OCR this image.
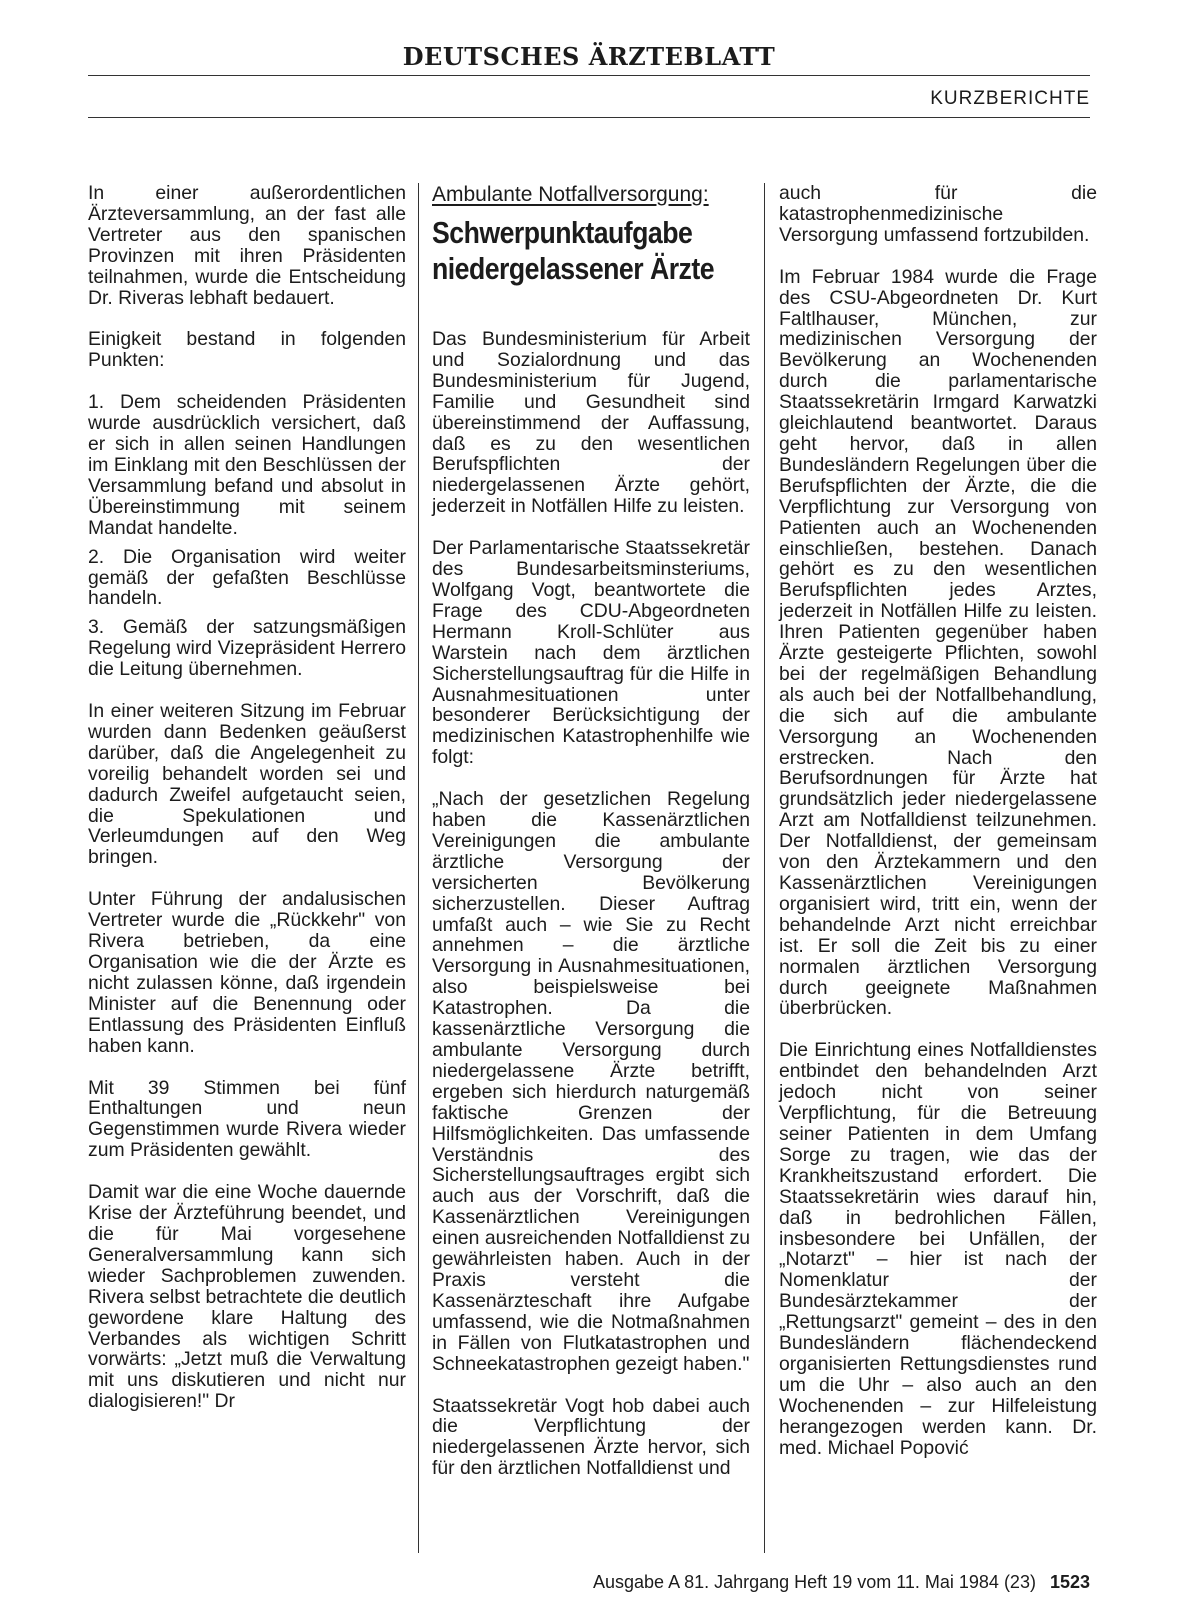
DEUTSCHES ÄRZTEBLATT
KURZBERICHTE

In einer außerordentlichen Ärzteversammlung, an der fast alle Vertreter aus den spanischen Provinzen mit ihren Präsidenten teilnahmen, wurde die Entscheidung Dr. Riveras lebhaft bedauert.

Einigkeit bestand in folgenden Punkten:

1. Dem scheidenden Präsidenten wurde ausdrücklich versichert, daß er sich in allen seinen Handlungen im Einklang mit den Beschlüssen der Versammlung befand und absolut in Übereinstimmung mit seinem Mandat handelte.

2. Die Organisation wird weiter gemäß der gefaßten Beschlüsse handeln.

3. Gemäß der satzungsmäßigen Regelung wird Vizepräsident Herrero die Leitung übernehmen.

In einer weiteren Sitzung im Februar wurden dann Bedenken geäußerst darüber, daß die Angelegenheit zu voreilig behandelt worden sei und dadurch Zweifel aufgetaucht seien, die Spekulationen und Verleumdungen auf den Weg bringen.

Unter Führung der andalusischen Vertreter wurde die „Rückkehr" von Rivera betrieben, da eine Organisation wie die der Ärzte es nicht zulassen könne, daß irgendein Minister auf die Benennung oder Entlassung des Präsidenten Einfluß haben kann.

Mit 39 Stimmen bei fünf Enthaltungen und neun Gegenstimmen wurde Rivera wieder zum Präsidenten gewählt.

Damit war die eine Woche dauernde Krise der Ärzteführung beendet, und die für Mai vorgesehene Generalversammlung kann sich wieder Sachproblemen zuwenden. Rivera selbst betrachtete die deutlich gewordene klare Haltung des Verbandes als wichtigen Schritt vorwärts: „Jetzt muß die Verwaltung mit uns diskutieren und nicht nur dialogisieren!" Dr

Ambulante Notfallversorgung:
Schwerpunktaufgabe niedergelassener Ärzte

Das Bundesministerium für Arbeit und Sozialordnung und das Bundesministerium für Jugend, Familie und Gesundheit sind übereinstimmend der Auffassung, daß es zu den wesentlichen Berufspflichten der niedergelassenen Ärzte gehört, jederzeit in Notfällen Hilfe zu leisten.

Der Parlamentarische Staatssekretär des Bundesarbeitsminsteriums, Wolfgang Vogt, beantwortete die Frage des CDU-Abgeordneten Hermann Kroll-Schlüter aus Warstein nach dem ärztlichen Sicherstellungsauftrag für die Hilfe in Ausnahmesituationen unter besonderer Berücksichtigung der medizinischen Katastrophenhilfe wie folgt:

„Nach der gesetzlichen Regelung haben die Kassenärztlichen Vereinigungen die ambulante ärztliche Versorgung der versicherten Bevölkerung sicherzustellen. Dieser Auftrag umfaßt auch – wie Sie zu Recht annehmen – die ärztliche Versorgung in Ausnahmesituationen, also beispielsweise bei Katastrophen. Da die kassenärztliche Versorgung die ambulante Versorgung durch niedergelassene Ärzte betrifft, ergeben sich hierdurch naturgemäß faktische Grenzen der Hilfsmöglichkeiten. Das umfassende Verständnis des Sicherstellungsauftrages ergibt sich auch aus der Vorschrift, daß die Kassenärztlichen Vereinigungen einen ausreichenden Notfalldienst zu gewährleisten haben. Auch in der Praxis versteht die Kassenärzteschaft ihre Aufgabe umfassend, wie die Notmaßnahmen in Fällen von Flutkatastrophen und Schneekatastrophen gezeigt haben."

Staatssekretär Vogt hob dabei auch die Verpflichtung der niedergelassenen Ärzte hervor, sich für den ärztlichen Notfalldienst und

auch für die katastrophenmedizinische Versorgung umfassend fortzubilden.

Im Februar 1984 wurde die Frage des CSU-Abgeordneten Dr. Kurt Faltlhauser, München, zur medizinischen Versorgung der Bevölkerung an Wochenenden durch die parlamentarische Staatssekretärin Irmgard Karwatzki gleichlautend beantwortet. Daraus geht hervor, daß in allen Bundesländern Regelungen über die Berufspflichten der Ärzte, die die Verpflichtung zur Versorgung von Patienten auch an Wochenenden einschließen, bestehen. Danach gehört es zu den wesentlichen Berufspflichten jedes Arztes, jederzeit in Notfällen Hilfe zu leisten. Ihren Patienten gegenüber haben Ärzte gesteigerte Pflichten, sowohl bei der regelmäßigen Behandlung als auch bei der Notfallbehandlung, die sich auf die ambulante Versorgung an Wochenenden erstrecken. Nach den Berufsordnungen für Ärzte hat grundsätzlich jeder niedergelassene Arzt am Notfalldienst teilzunehmen. Der Notfalldienst, der gemeinsam von den Ärztekammern und den Kassenärztlichen Vereinigungen organisiert wird, tritt ein, wenn der behandelnde Arzt nicht erreichbar ist. Er soll die Zeit bis zu einer normalen ärztlichen Versorgung durch geeignete Maßnahmen überbrücken.

Die Einrichtung eines Notfalldienstes entbindet den behandelnden Arzt jedoch nicht von seiner Verpflichtung, für die Betreuung seiner Patienten in dem Umfang Sorge zu tragen, wie das der Krankheitszustand erfordert. Die Staatssekretärin wies darauf hin, daß in bedrohlichen Fällen, insbesondere bei Unfällen, der „Notarzt" – hier ist nach der Nomenklatur der Bundesärztekammer der „Rettungsarzt" gemeint – des in den Bundesländern flächendeckend organisierten Rettungsdienstes rund um die Uhr – also auch an den Wochenenden – zur Hilfeleistung herangezogen werden kann. Dr. med. Michael Popović

Ausgabe A 81. Jahrgang Heft 19 vom 11. Mai 1984 (23) 1523
